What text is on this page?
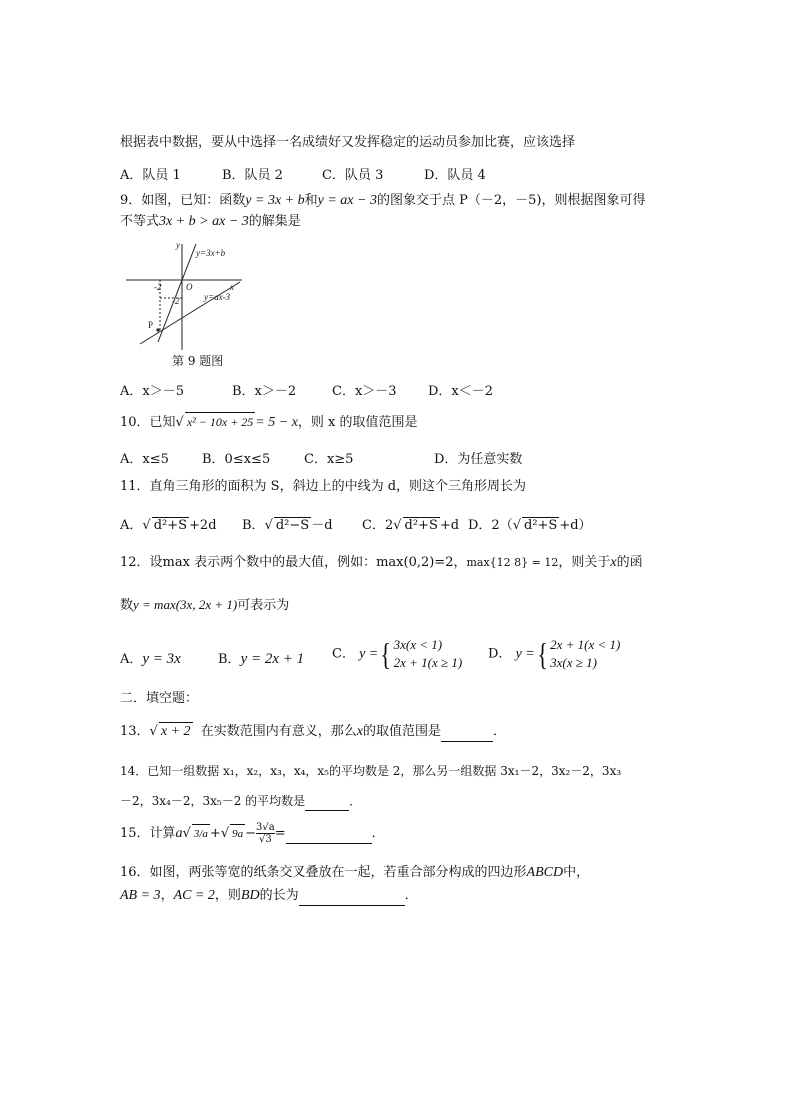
根据表中数据，要从中选择一名成绩好又发挥稳定的运动员参加比赛，应该选择
A．队员 1	B．队员 2	C．队员 3	D．队员 4
9．如图，已知：函数y = 3x + b和y = ax − 3的图象交于点 P（－2，－5)，则根据图象可得
不等式3x + b > ax − 3的解集是
y
x
O
-2
-2
y=3x+b
y=ax-3
P
第 9 题图
A．x＞－5	B．x＞－2	C．x＞－3 D．x＜－2
10．已知√ x² − 10x + 25 = 5 − x，则 x 的取值范围是
A．x≤5	B．0≤x≤5	C．x≥5	D．为任意实数
11．直角三角形的面积为 S，斜边上的中线为 d，则这个三角形周长为
A．√ d²+S +2d B．√ d²−S －d C．2√ d²+S +d D．2（√ d²+S +d）
12．设max 表示两个数中的最大值，例如：max(0,2)=2，max{12 8} = 12，则关于x的函
数y = max(3x, 2x + 1)可表示为
A．y = 3x	B．y = 2x + 1 C． y ={ 3x(x < 1)
2x + 1(x ≥ 1)
D． y ={ 2x + 1(x < 1)
3x(x ≥ 1)
二．填空题：
13．√ x + 2 在实数范围内有意义，那么x的取值范围是	．
14．已知一组数据 x₁，x₂，x₃，x₄，x₅的平均数是 2，那么另一组数据 3x₁－2，3x₂－2，3x₃
－2，3x₄－2，3x₅－2 的平均数是	．
15．计算a√ 3/a +√ $9a - \frac{3√a}{√3}$ =	．
16．如图，两张等宽的纸条交叉叠放在一起，若重合部分构成的四边形ABCD中，
AB = 3，AC = 2，则BD的长为	．
